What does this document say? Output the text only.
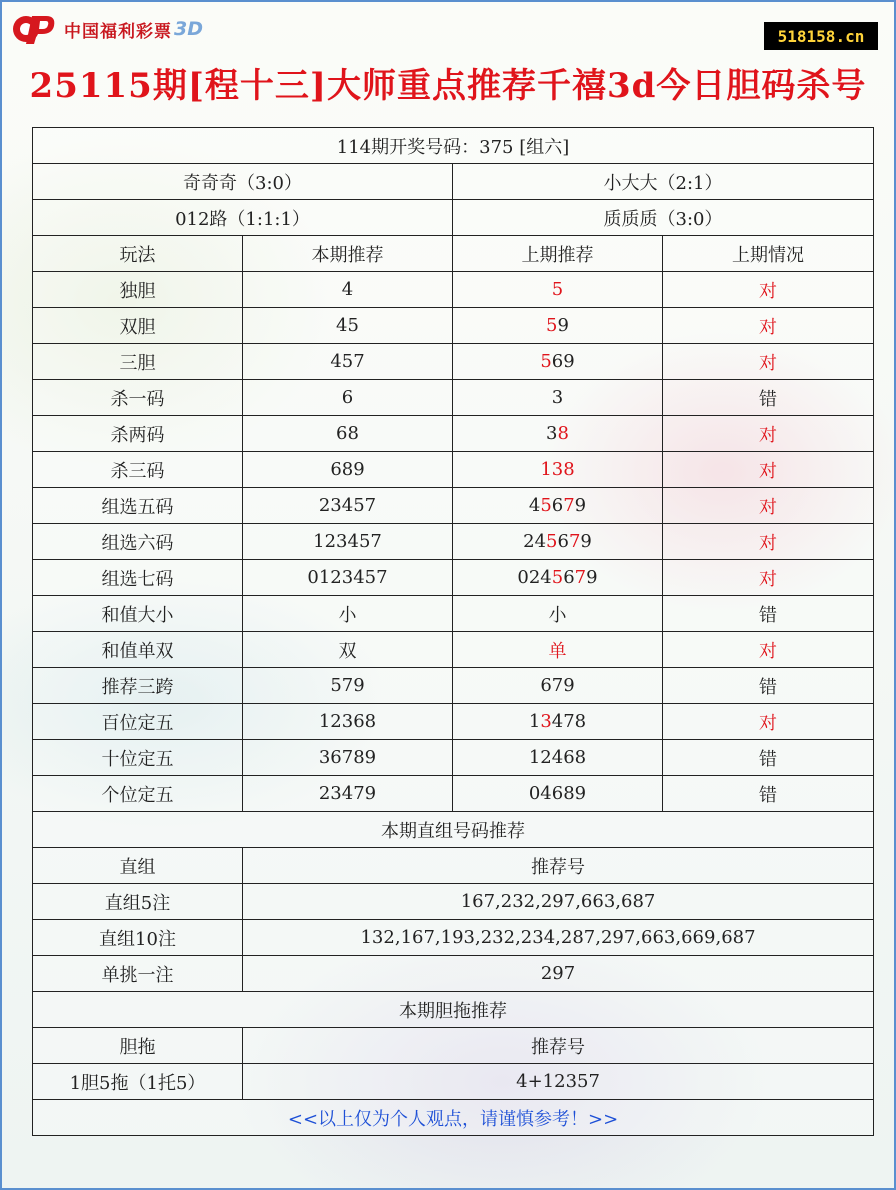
中国福利彩票 3D	518158.cn
25115期[程十三]大师重点推荐千禧3d今日胆码杀号
114期开奖号码：375 [组六]			
奇奇奇（3:0）		小大大（2:1）	
012路（1:1:1）		质质质（3:0）	
玩法	本期推荐	上期推荐	上期情况
独胆	4	5	对
双胆	45	59	对
三胆	457	569	对
杀一码	6	3	错
杀两码	68	38	对
杀三码	689	138	对
组选五码	23457	45679	对
组选六码	123457	245679	对
组选七码	0123457	0245679	对
和值大小	小	小	错
和值单双	双	单	对
推荐三跨	579	679	错
百位定五	12368	13478	对
十位定五	36789	12468	错
个位定五	23479	04689	错
本期直组号码推荐			
直组	推荐号		
直组5注	167,232,297,663,687		
直组10注	132,167,193,232,234,287,297,663,669,687		
单挑一注	297		
本期胆拖推荐			
胆拖	推荐号		
1胆5拖（1托5）	4+12357		
<<以上仅为个人观点，请谨慎参考！>>			
